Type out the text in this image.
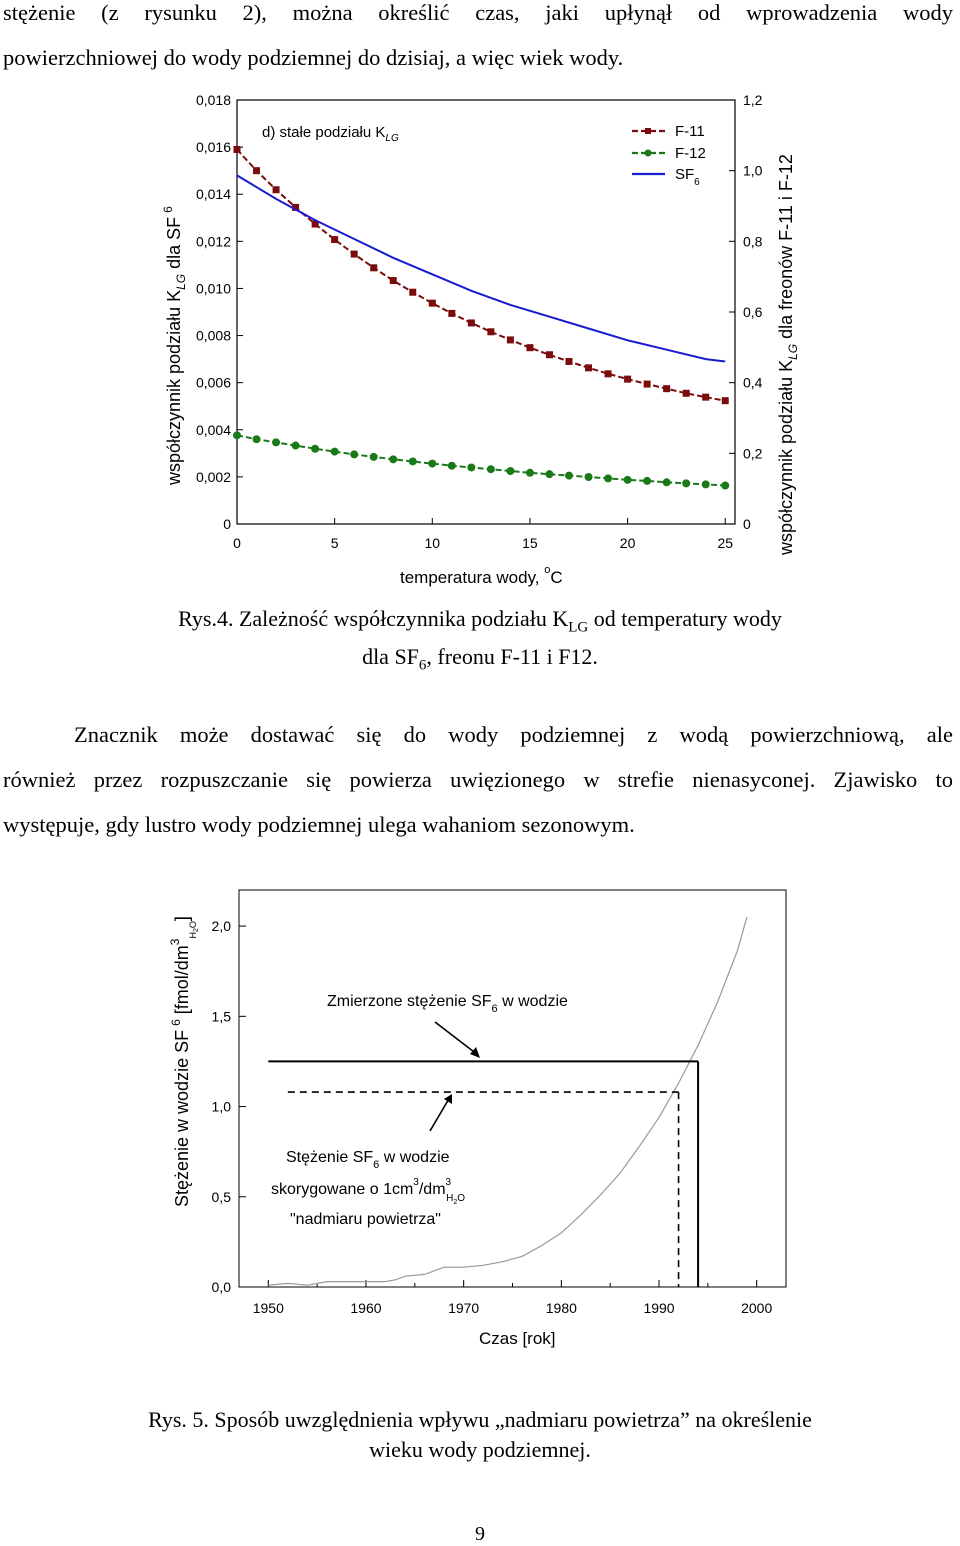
stężenie (z rysunku 2), można określić czas, jaki upłynął od wprowadzenia wody
powierzchniowej do wody podziemnej do dzisiaj, a więc wiek wody.
0	5	10	15	20	25
0
0,002
0,004
0,006
0,008
0,010
0,012
0,014
0,016
0,018
0
0,2
0,4
0,6
0,8
1,0
1,2
d) stałe podziału $K_{LG}$	F-11
F-12
$SF_6$
temperatura wody, $^o$C
współczynnik podziału $K_{LG}$ dla $SF^6$
współczynnik podziału $K_{LG}$ dla freonów F-11 i F-12
Rys.4. Zależność współczynnika podziału $K_{LG}$ od temperatury wody
dla $SF_6$, freonu F-11 i F12.
Znacznik może dostawać się do wody podziemnej z wodą powierzchniową, ale
również przez rozpuszczanie się powierza uwięzionego w strefie nienasyconej. Zjawisko to
występuje, gdy lustro wody podziemnej ulega wahaniom sezonowym.
1950	1960	1970	1980	1990	2000
0,0
0,5
1,0
1,5
2,0
Zmierzone stężenie $SF_6$ w wodzie
Stężenie $SF_6$ w wodzie
skorygowane o $1cm^3/dm^3$ H2O
"nadmiaru powietrza"
Czas [rok]
Stężenie w wodzie $SF^6$ $[fmol/dm^3_H2O]$
Rys. 5. Sposób uwzględnienia wpływu „nadmiaru powietrza” na określenie
wieku wody podziemnej.
9
